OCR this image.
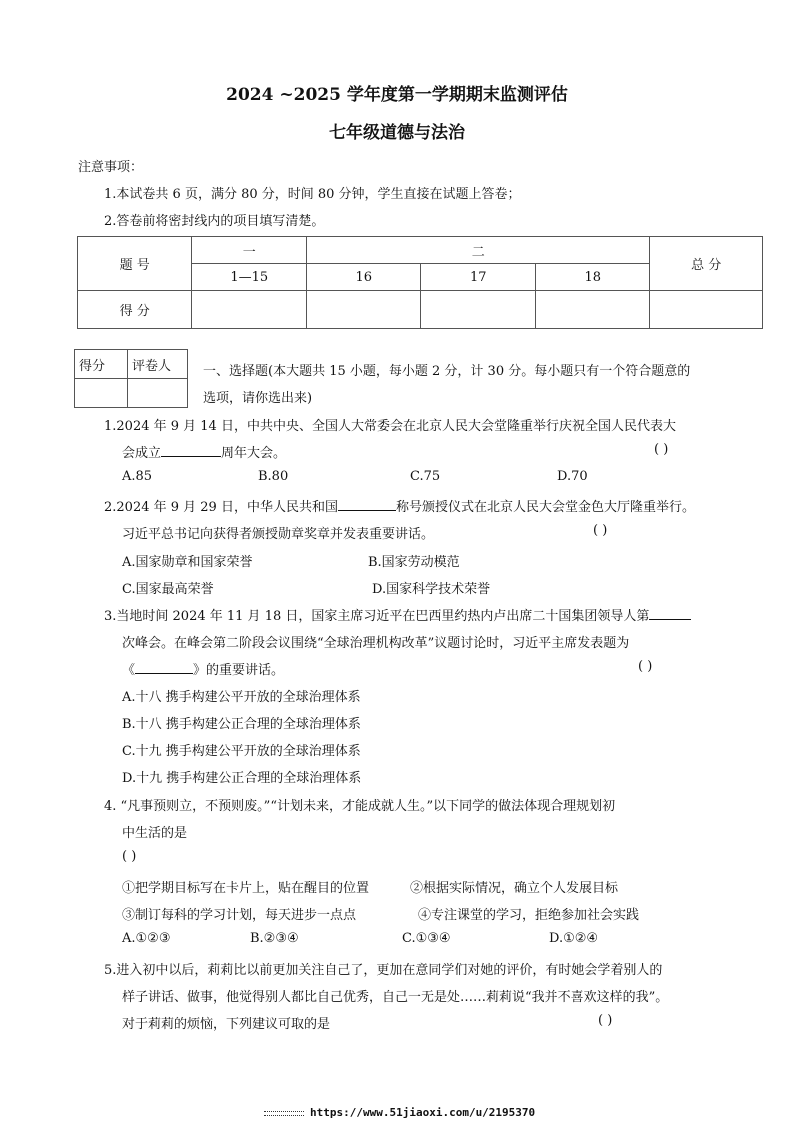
2024 ~2025 学年度第一学期期末监测评估
七年级道德与法治
注意事项：
1.本试卷共 6 页，满分 80 分，时间 80 分钟，学生直接在试题上答卷；
2.答卷前将密封线内的项目填写清楚。
题 号	一	二			总 分
	1—15	16	17	18	
得 分					
得分	评卷人
	一、选择题(本大题共 15 小题，每小题 2 分，计 30 分。每小题只有一个符合题意的
选项，请你选出来)
1.2024 年 9 月 14 日，中共中央、全国人大常委会在北京人民大会堂隆重举行庆祝全国人民代表大
会成立	周年大会。	( )
A.85	B.80	C.75	D.70
2.2024 年 9 月 29 日，中华人民共和国	称号颁授仪式在北京人民大会堂金色大厅隆重举行。
习近平总书记向获得者颁授勋章奖章并发表重要讲话。	( )
A.国家勋章和国家荣誉	B.国家劳动模范
C.国家最高荣誉	D.国家科学技术荣誉
3.当地时间 2024 年 11 月 18 日，国家主席习近平在巴西里约热内卢出席二十国集团领导人第
次峰会。在峰会第二阶段会议围绕“全球治理机构改革”议题讨论时，习近平主席发表题为
《	》的重要讲话。	( )
A.十八 携手构建公平开放的全球治理体系
B.十八 携手构建公正合理的全球治理体系
C.十九 携手构建公平开放的全球治理体系
D.十九 携手构建公正合理的全球治理体系
4. “凡事预则立，不预则废。”“计划未来，才能成就人生。”以下同学的做法体现合理规划初
中生活的是
( )
①把学期目标写在卡片上，贴在醒目的位置	②根据实际情况，确立个人发展目标
③制订每科的学习计划，每天进步一点点	④专注课堂的学习，拒绝参加社会实践
A.①②③	B.②③④	C.①③④	D.①②④
5.进入初中以后，莉莉比以前更加关注自己了，更加在意同学们对她的评价，有时她会学着别人的
样子讲话、做事，他觉得别人都比自己优秀，自己一无是处……莉莉说“我并不喜欢这样的我”。
对于莉莉的烦恼，下列建议可取的是	( )
https://www.51jiaoxi.com/u/2195370
